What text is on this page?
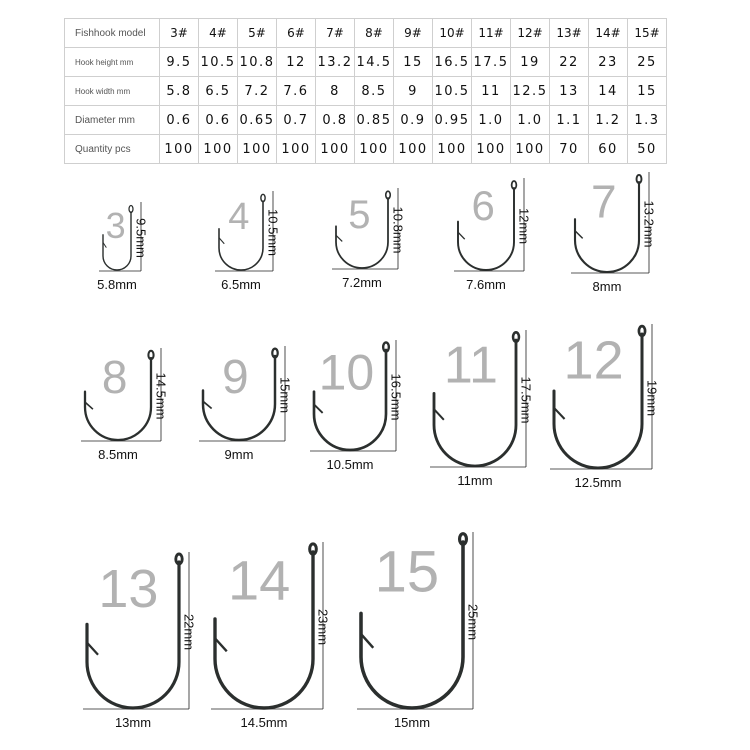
Fishhook model	3#	4#	5#	6#	7#	8#	9#	10#	11#	12#	13#	14#	15#
Hook height mm	9.5	10.5	10.8	12	13.2	14.5	15	16.5	17.5	19	22	23	25
Hook width mm	5.8	6.5	7.2	7.6	8	8.5	9	10.5	11	12.5	13	14	15
Diameter mm	0.6	0.6	0.65	0.7	0.8	0.85	0.9	0.95	1.0	1.0	1.1	1.2	1.3
Quantity pcs	100	100	100	100	100	100	100	100	100	100	70	60	50
3 9.5mm
5.8mm
4 10.5mm
6.5mm
5 10.8mm
7.2mm
6 12mm
7.6mm
7 13.2mm
8mm
8 14.5mm
8.5mm
9 15mm
9mm
10 16.5mm
10.5mm
11
17.5mm
11mm
12
19mm
12.5mm
13
22mm
13mm
14
23mm
14.5mm
15
25mm
15mm
